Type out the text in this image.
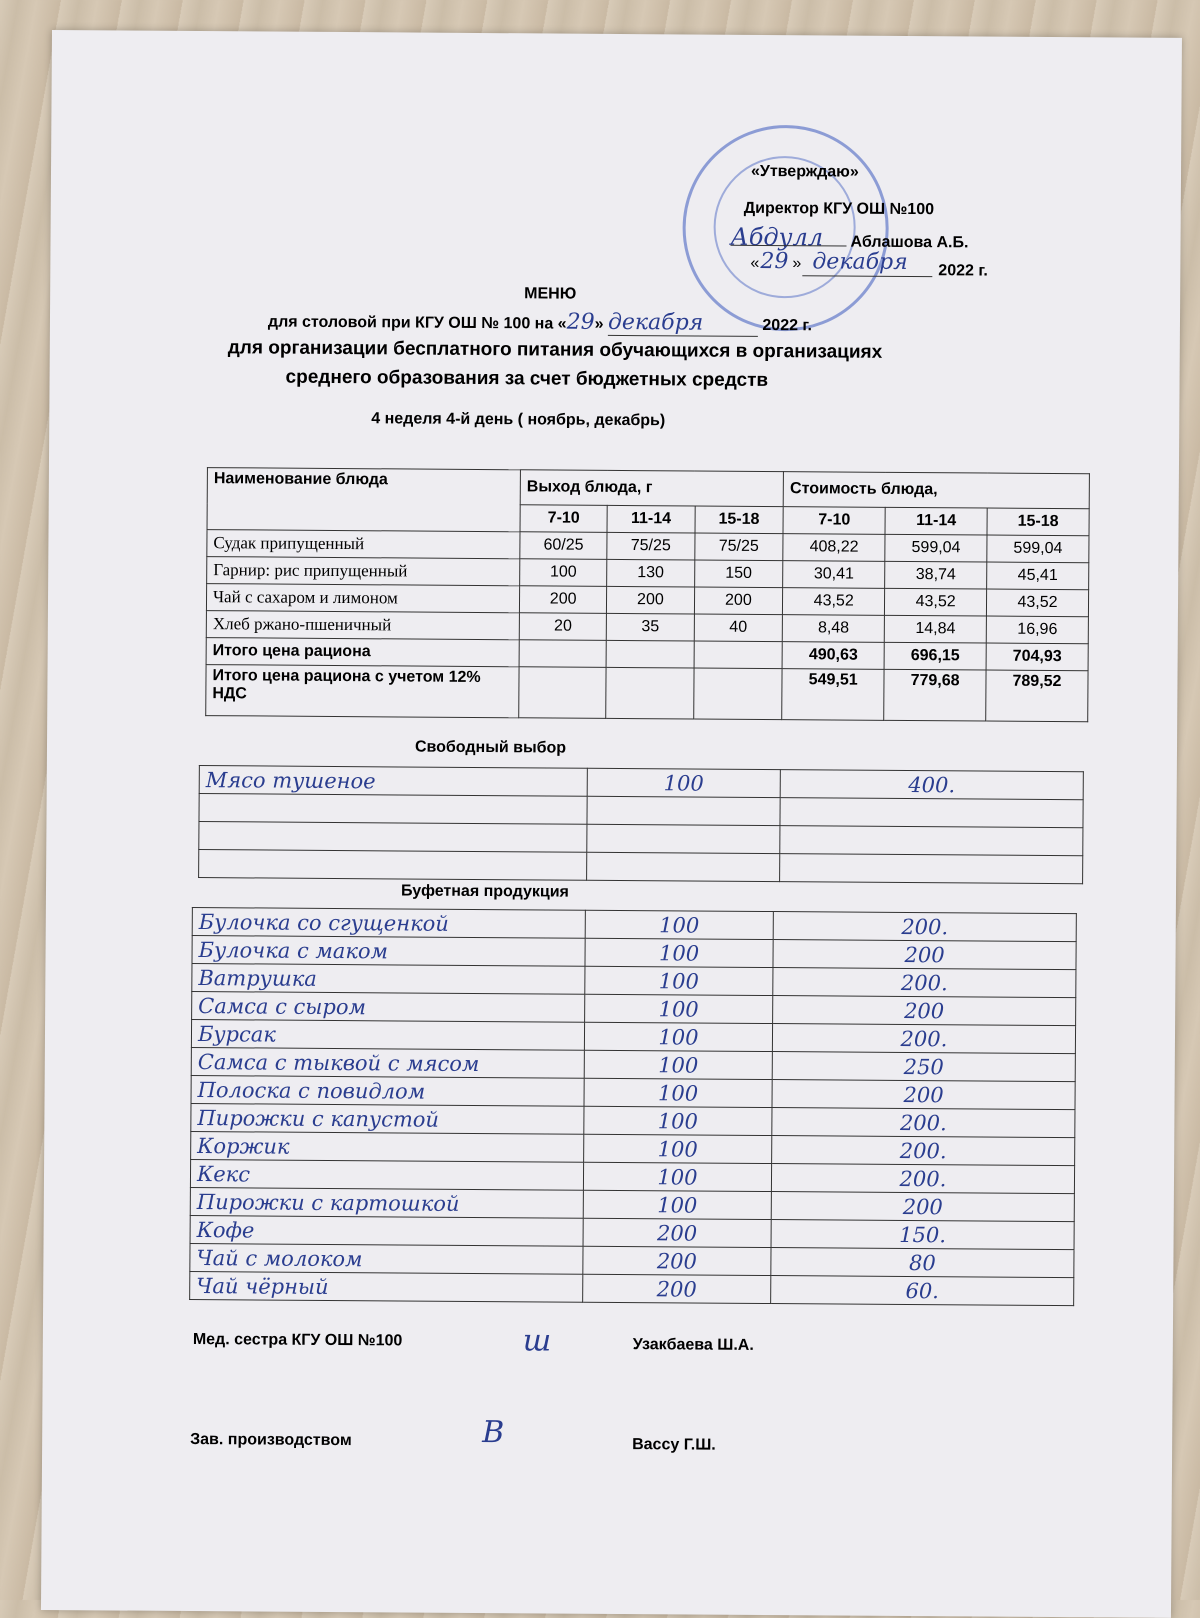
«Утверждаю»
Директор КГУ ОШ №100
Абдулл Аблашова А.Б.
« 29 » декабря 2022 г.
МЕНЮ
для столовой при КГУ ОШ № 100 на «29» декабря	2022 г.
для организации бесплатного питания обучающихся в организациях
среднего образования за счет бюджетных средств
4 неделя 4-й день ( ноябрь, декабрь)
Наименование блюда	Выход блюда, г			Стоимость блюда,		
	7-10	11-14	15-18	7-10	11-14	15-18
Судак припущенный	60/25	75/25	75/25	408,22	599,04	599,04
Гарнир: рис припущенный	100	130	150	30,41	38,74	45,41
Чай с сахаром и лимоном	200	200	200	43,52	43,52	43,52
Хлеб ржано-пшеничный	20	35	40	8,48	14,84	16,96
Итого цена рациона				490,63	696,15	704,93
Итого цена рациона с учетом 12% НДС				549,51	779,68	789,52
Свободный выбор
Мясо тушеное	100	400.

Буфетная продукция
Булочка со сгущенкой	100	200.
Булочка с маком	100	200
Ватрушка	100	200.
Самса с сыром	100	200
Бурсак	100	200.
Самса с тыквой с мясом	100	250
Полоска с повидлом	100	200
Пирожки с капустой	100	200.
Коржик	100	200.
Кекс	100	200.
Пирожки с картошкой	100	200
Кофе	200	150.
Чай с молоком	200	80
Чай чёрный	200	60.
Мед. сестра КГУ ОШ №100	ш	Узакбаева Ш.А.
Зав. производством	В	Вассу Г.Ш.
